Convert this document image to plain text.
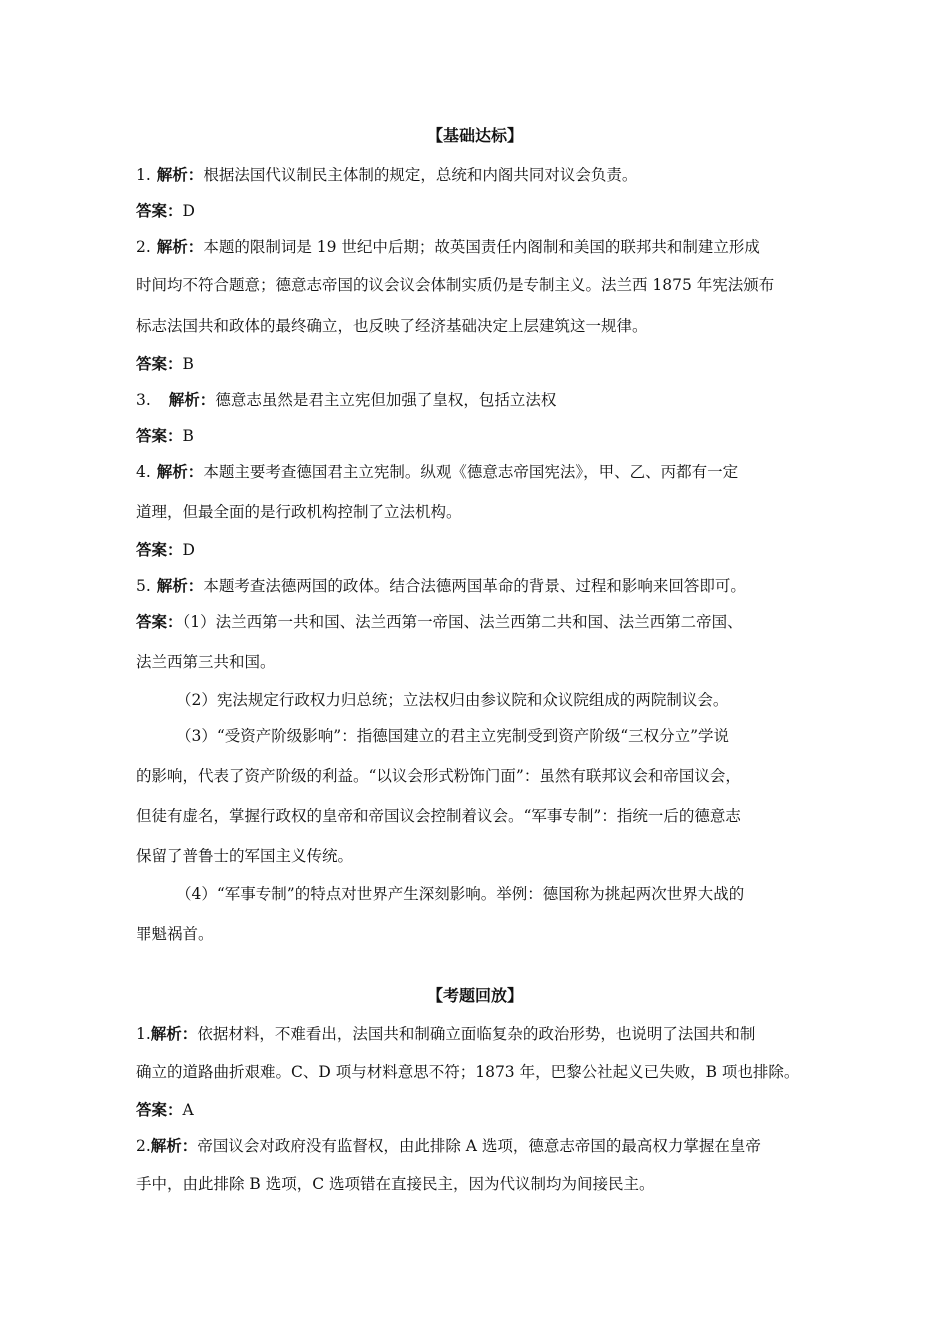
【基础达标】
1. 解析：根据法国代议制民主体制的规定，总统和内阁共同对议会负责。
答案：D
2. 解析：本题的限制词是 19 世纪中后期；故英国责任内阁制和美国的联邦共和制建立形成
时间均不符合题意；德意志帝国的议会议会体制实质仍是专制主义。法兰西 1875 年宪法颁布
标志法国共和政体的最终确立，也反映了经济基础决定上层建筑这一规律。
答案：B
3. 解析：德意志虽然是君主立宪但加强了皇权，包括立法权
答案：B
4. 解析：本题主要考查德国君主立宪制。纵观《德意志帝国宪法》，甲、乙、丙都有一定
道理，但最全面的是行政机构控制了立法机构。
答案：D
5. 解析：本题考查法德两国的政体。结合法德两国革命的背景、过程和影响来回答即可。
答案：（1）法兰西第一共和国、法兰西第一帝国、法兰西第二共和国、法兰西第二帝国、
法兰西第三共和国。
（2）宪法规定行政权力归总统；立法权归由参议院和众议院组成的两院制议会。
（3）“受资产阶级影响”：指德国建立的君主立宪制受到资产阶级“三权分立”学说
的影响，代表了资产阶级的利益。“以议会形式粉饰门面”：虽然有联邦议会和帝国议会，
但徒有虚名，掌握行政权的皇帝和帝国议会控制着议会。“军事专制”：指统一后的德意志
保留了普鲁士的军国主义传统。
（4）“军事专制”的特点对世界产生深刻影响。举例：德国称为挑起两次世界大战的
罪魁祸首。
【考题回放】
1.解析：依据材料，不难看出，法国共和制确立面临复杂的政治形势，也说明了法国共和制
确立的道路曲折艰难。C、D 项与材料意思不符；1873 年，巴黎公社起义已失败，B 项也排除。
答案：A
2.解析：帝国议会对政府没有监督权，由此排除 A 选项，德意志帝国的最高权力掌握在皇帝
手中，由此排除 B 选项，C 选项错在直接民主，因为代议制均为间接民主。
